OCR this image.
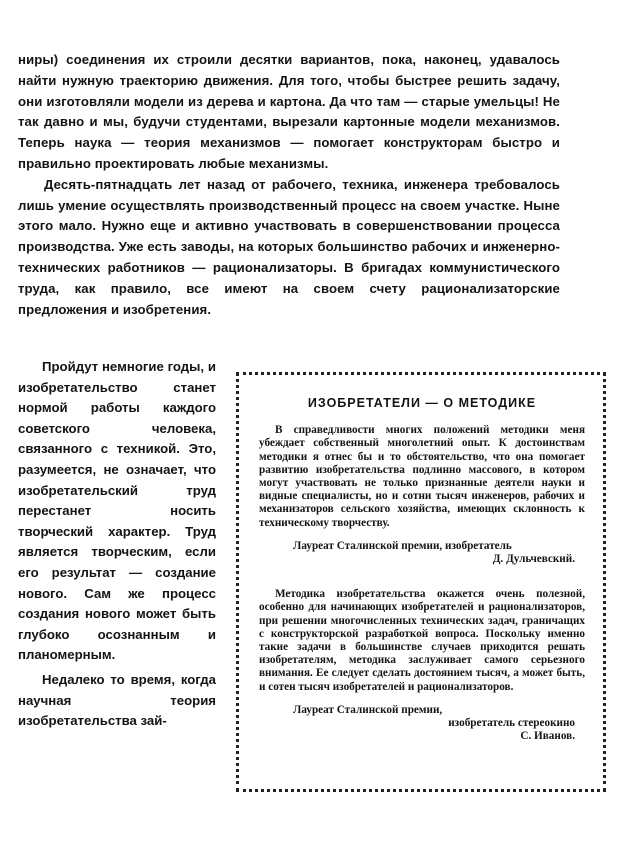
ниры) соединения их строили десятки вариантов, пока, наконец, удавалось найти нужную траекторию движения. Для того, чтобы быстрее решить задачу, они изготовляли модели из дерева и картона. Да что там — старые умельцы! Не так давно и мы, будучи студентами, вырезали картонные модели механизмов. Теперь наука — теория механизмов — помогает конструкторам быстро и правильно проектировать любые механизмы.

Десять-пятнадцать лет назад от рабочего, техника, инженера требовалось лишь умение осуществлять производственный процесс на своем участке. Ныне этого мало. Нужно еще и активно участвовать в совершенствовании процесса производства. Уже есть заводы, на которых большинство рабочих и инженерно-технических работников — рационализаторы. В бригадах коммунистического труда, как правило, все имеют на своем счету рационализаторские предложения и изобретения.

Пройдут немногие годы, и изобретательство станет нормой работы каждого советского человека, связанного с техникой. Это, разумеется, не означает, что изобретательский труд перестанет носить творческий характер. Труд является творческим, если его результат — создание нового. Сам же процесс создания нового может быть глубоко осознанным и планомерным.

Недалеко то время, когда научная теория изобретательства зай-

ИЗОБРЕТАТЕЛИ — О МЕТОДИКЕ

В справедливости многих положений методики меня убеждает собственный многолетний опыт. К достоинствам методики я отнес бы и то обстоятельство, что она помогает развитию изобретательства подлинно массового, в котором могут участвовать не только признанные деятели науки и видные специалисты, но и сотни тысяч инженеров, рабочих и механизаторов сельского хозяйства, имеющих склонность к техническому творчеству.

Лауреат Сталинской премии, изобретатель
Д. Дульчевский.

Методика изобретательства окажется очень полезной, особенно для начинающих изобретателей и рационализаторов, при решении многочисленных технических задач, граничащих с конструкторской разработкой вопроса. Поскольку именно такие задачи в большинстве случаев приходится решать изобретателям, методика заслуживает самого серьезного внимания. Ее следует сделать достоянием тысяч, а может быть, и сотен тысяч изобретателей и рационализаторов.

Лауреат Сталинской премии,
изобретатель стереокино
С. Иванов.
